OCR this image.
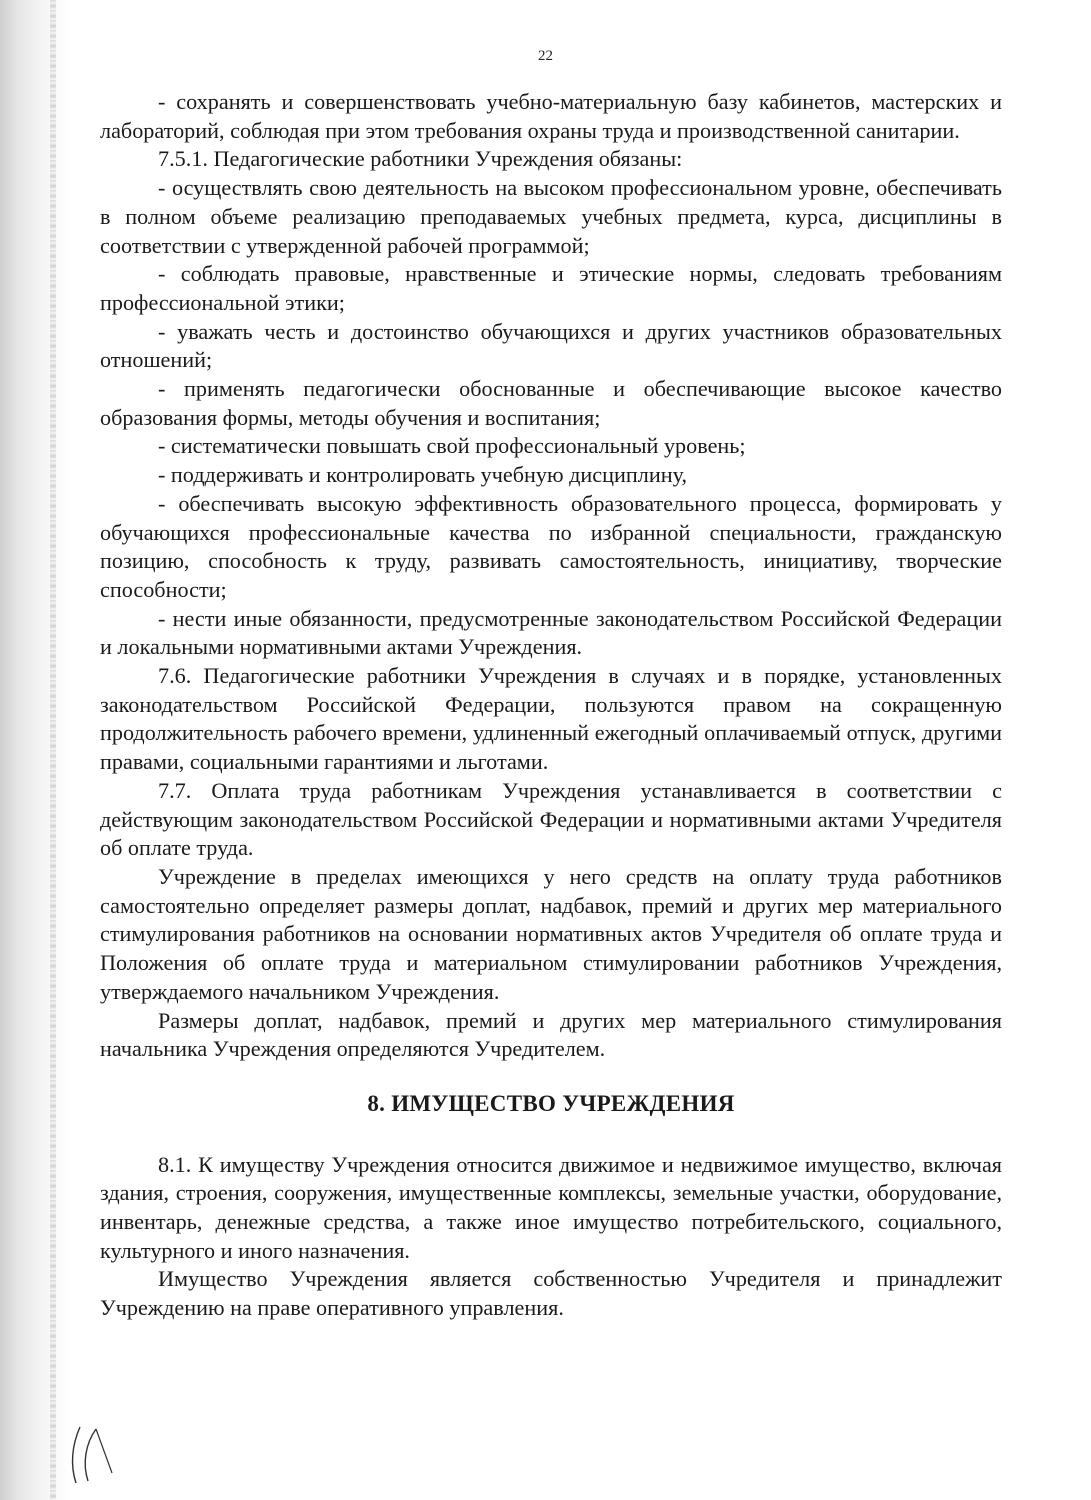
22

- сохранять и совершенствовать учебно-материальную базу кабинетов, мастерских и лабораторий, соблюдая при этом требования охраны труда и производственной санитарии.

7.5.1. Педагогические работники Учреждения обязаны:

- осуществлять свою деятельность на высоком профессиональном уровне, обеспечивать в полном объеме реализацию преподаваемых учебных предмета, курса, дисциплины в соответствии с утвержденной рабочей программой;

- соблюдать правовые, нравственные и этические нормы, следовать требованиям профессиональной этики;

- уважать честь и достоинство обучающихся и других участников образовательных отношений;

- применять педагогически обоснованные и обеспечивающие высокое качество образования формы, методы обучения и воспитания;

- систематически повышать свой профессиональный уровень;

- поддерживать и контролировать учебную дисциплину,

- обеспечивать высокую эффективность образовательного процесса, формировать у обучающихся профессиональные качества по избранной специальности, гражданскую позицию, способность к труду, развивать самостоятельность, инициативу, творческие способности;

- нести иные обязанности, предусмотренные законодательством Российской Федерации и локальными нормативными актами Учреждения.

7.6. Педагогические работники Учреждения в случаях и в порядке, установленных законодательством Российской Федерации, пользуются правом на сокращенную продолжительность рабочего времени, удлиненный ежегодный оплачиваемый отпуск, другими правами, социальными гарантиями и льготами.

7.7. Оплата труда работникам Учреждения устанавливается в соответствии с действующим законодательством Российской Федерации и нормативными актами Учредителя об оплате труда.

Учреждение в пределах имеющихся у него средств на оплату труда работников самостоятельно определяет размеры доплат, надбавок, премий и других мер материального стимулирования работников на основании нормативных актов Учредителя об оплате труда и Положения об оплате труда и материальном стимулировании работников Учреждения, утверждаемого начальником Учреждения.

Размеры доплат, надбавок, премий и других мер материального стимулирования начальника Учреждения определяются Учредителем.

8. ИМУЩЕСТВО УЧРЕЖДЕНИЯ

8.1. К имуществу Учреждения относится движимое и недвижимое имущество, включая здания, строения, сооружения, имущественные комплексы, земельные участки, оборудование, инвентарь, денежные средства, а также иное имущество потребительского, социального, культурного и иного назначения.

Имущество Учреждения является собственностью Учредителя и принадлежит Учреждению на праве оперативного управления.
